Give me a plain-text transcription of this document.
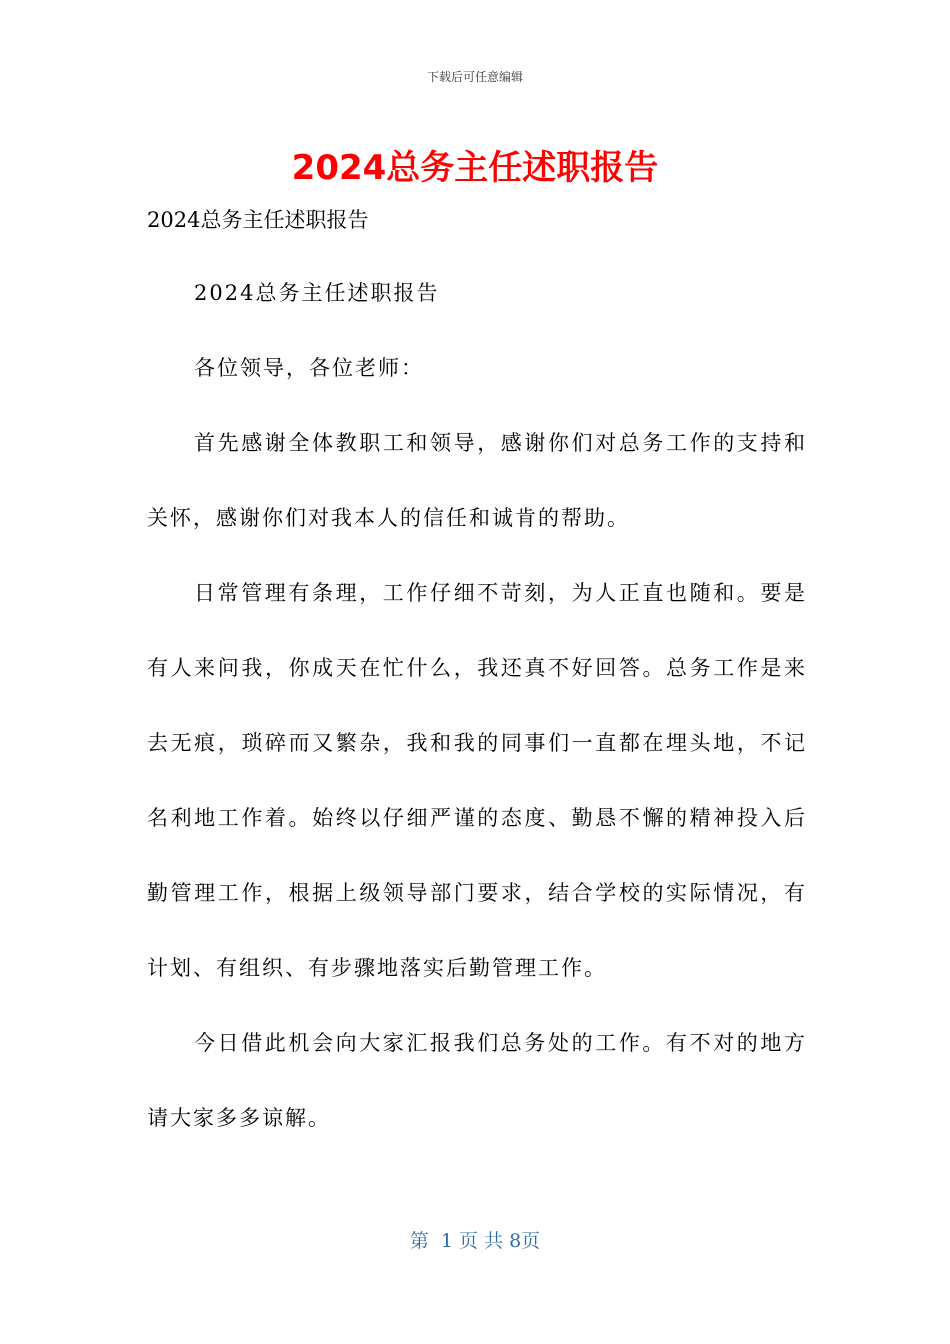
下载后可任意编辑
2024总务主任述职报告
2024总务主任述职报告

2024总务主任述职报告

各位领导，各位老师：

首先感谢全体教职工和领导，感谢你们对总务工作的支持和关怀，感谢你们对我本人的信任和诚肯的帮助。

日常管理有条理，工作仔细不苛刻，为人正直也随和。要是有人来问我，你成天在忙什么，我还真不好回答。总务工作是来去无痕，琐碎而又繁杂，我和我的同事们一直都在埋头地，不记名利地工作着。始终以仔细严谨的态度、勤恳不懈的精神投入后勤管理工作，根据上级领导部门要求，结合学校的实际情况，有计划、有组织、有步骤地落实后勤管理工作。

今日借此机会向大家汇报我们总务处的工作。有不对的地方请大家多多谅解。

第  1 页 共 8页
